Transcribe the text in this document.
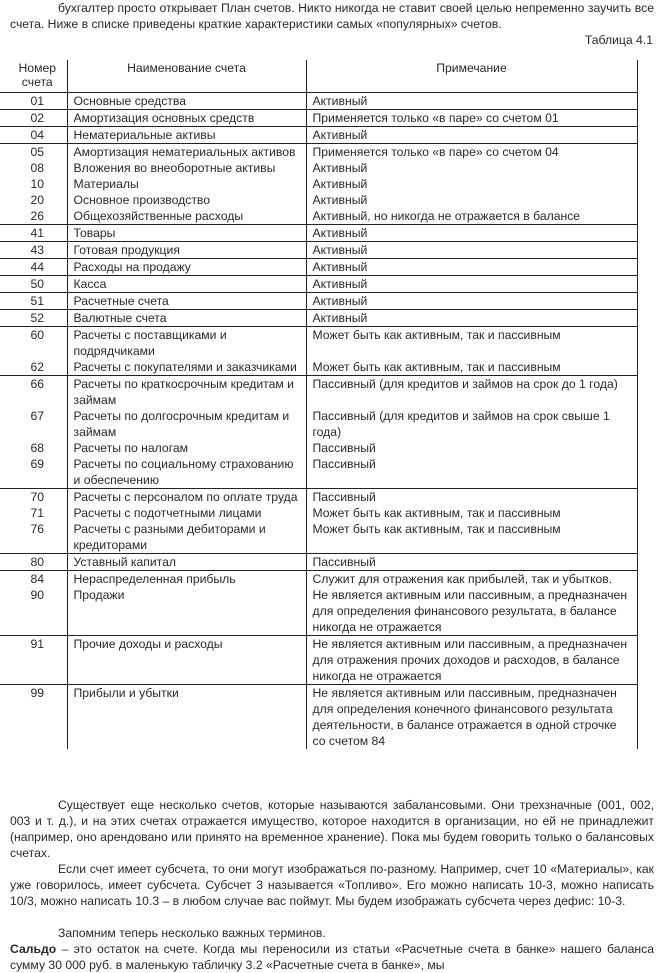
бухгалтер просто открывает План счетов. Никто никогда не ставит своей целью непременно заучить все счета. Ниже в списке приведены краткие характеристики самых «популярных» счетов.
Таблица 4.1
Номер счета	Наименование счета	Примечание
01	Основные средства	Активный
02	Амортизация основных средств	Применяется только «в паре» со счетом 01
04	Нематериальные активы	Активный
05	Амортизация нематериальных активов	Применяется только «в паре» со счетом 04
08	Вложения во внеоборотные активы	Активный
10	Материалы	Активный
20	Основное производство	Активный
26	Общехозяйственные расходы	Активный, но никогда не отражается в балансе
41	Товары	Активный
43	Готовая продукция	Активный
44	Расходы на продажу	Активный
50	Касса	Активный
51	Расчетные счета	Активный
52	Валютные счета	Активный
60	Расчеты с поставщиками и подрядчиками	Может быть как активным, так и пассивным
62	Расчеты с покупателями и заказчиками	Может быть как активным, так и пассивным
66	Расчеты по краткосрочным кредитам и займам	Пассивный (для кредитов и займов на срок до 1 года)
67	Расчеты по долгосрочным кредитам и займам	Пассивный (для кредитов и займов на срок свыше 1 года)
68	Расчеты по налогам	Пассивный
69	Расчеты по социальному страхованию и обеспечению	Пассивный
70	Расчеты с персоналом по оплате труда	Пассивный
71	Расчеты с подотчетными лицами	Может быть как активным, так и пассивным
76	Расчеты с разными дебиторами и кредиторами	Может быть как активным, так и пассивным
80	Уставный капитал	Пассивный
84	Нераспределенная прибыль	Служит для отражения как прибылей, так и убытков.
90	Продажи	Не является активным или пассивным, а предназначен для определения финансового результата, в балансе никогда не отражается
91	Прочие доходы и расходы	Не является активным или пассивным, а предназначен для отражения прочих доходов и расходов, в балансе никогда не отражается
99	Прибыли и убытки	Не является активным или пассивным, предназначен для определения конечного финансового результата деятельности, в балансе отражается в одной строчке со счетом 84
Существует еще несколько счетов, которые называются забалансовыми. Они трехзначные (001, 002, 003 и т. д.), и на этих счетах отражается имущество, которое находится в организации, но ей не принадлежит (например, оно арендовано или принято на временное хранение). Пока мы будем говорить только о балансовых счетах.
Если счет имеет субсчета, то они могут изображаться по-разному. Например, счет 10 «Материалы», как уже говорилось, имеет субсчета. Субсчет 3 называется «Топливо». Его можно написать 10-3, можно написать 10/3, можно написать 10.3 – в любом случае вас поймут. Мы будем изображать субсчета через дефис: 10-3.
Запомним теперь несколько важных терминов.
Сальдо – это остаток на счете. Когда мы переносили из статьи «Расчетные счета в банке» нашего баланса сумму 30 000 руб. в маленькую табличку 3.2 «Расчетные счета в банке», мы
